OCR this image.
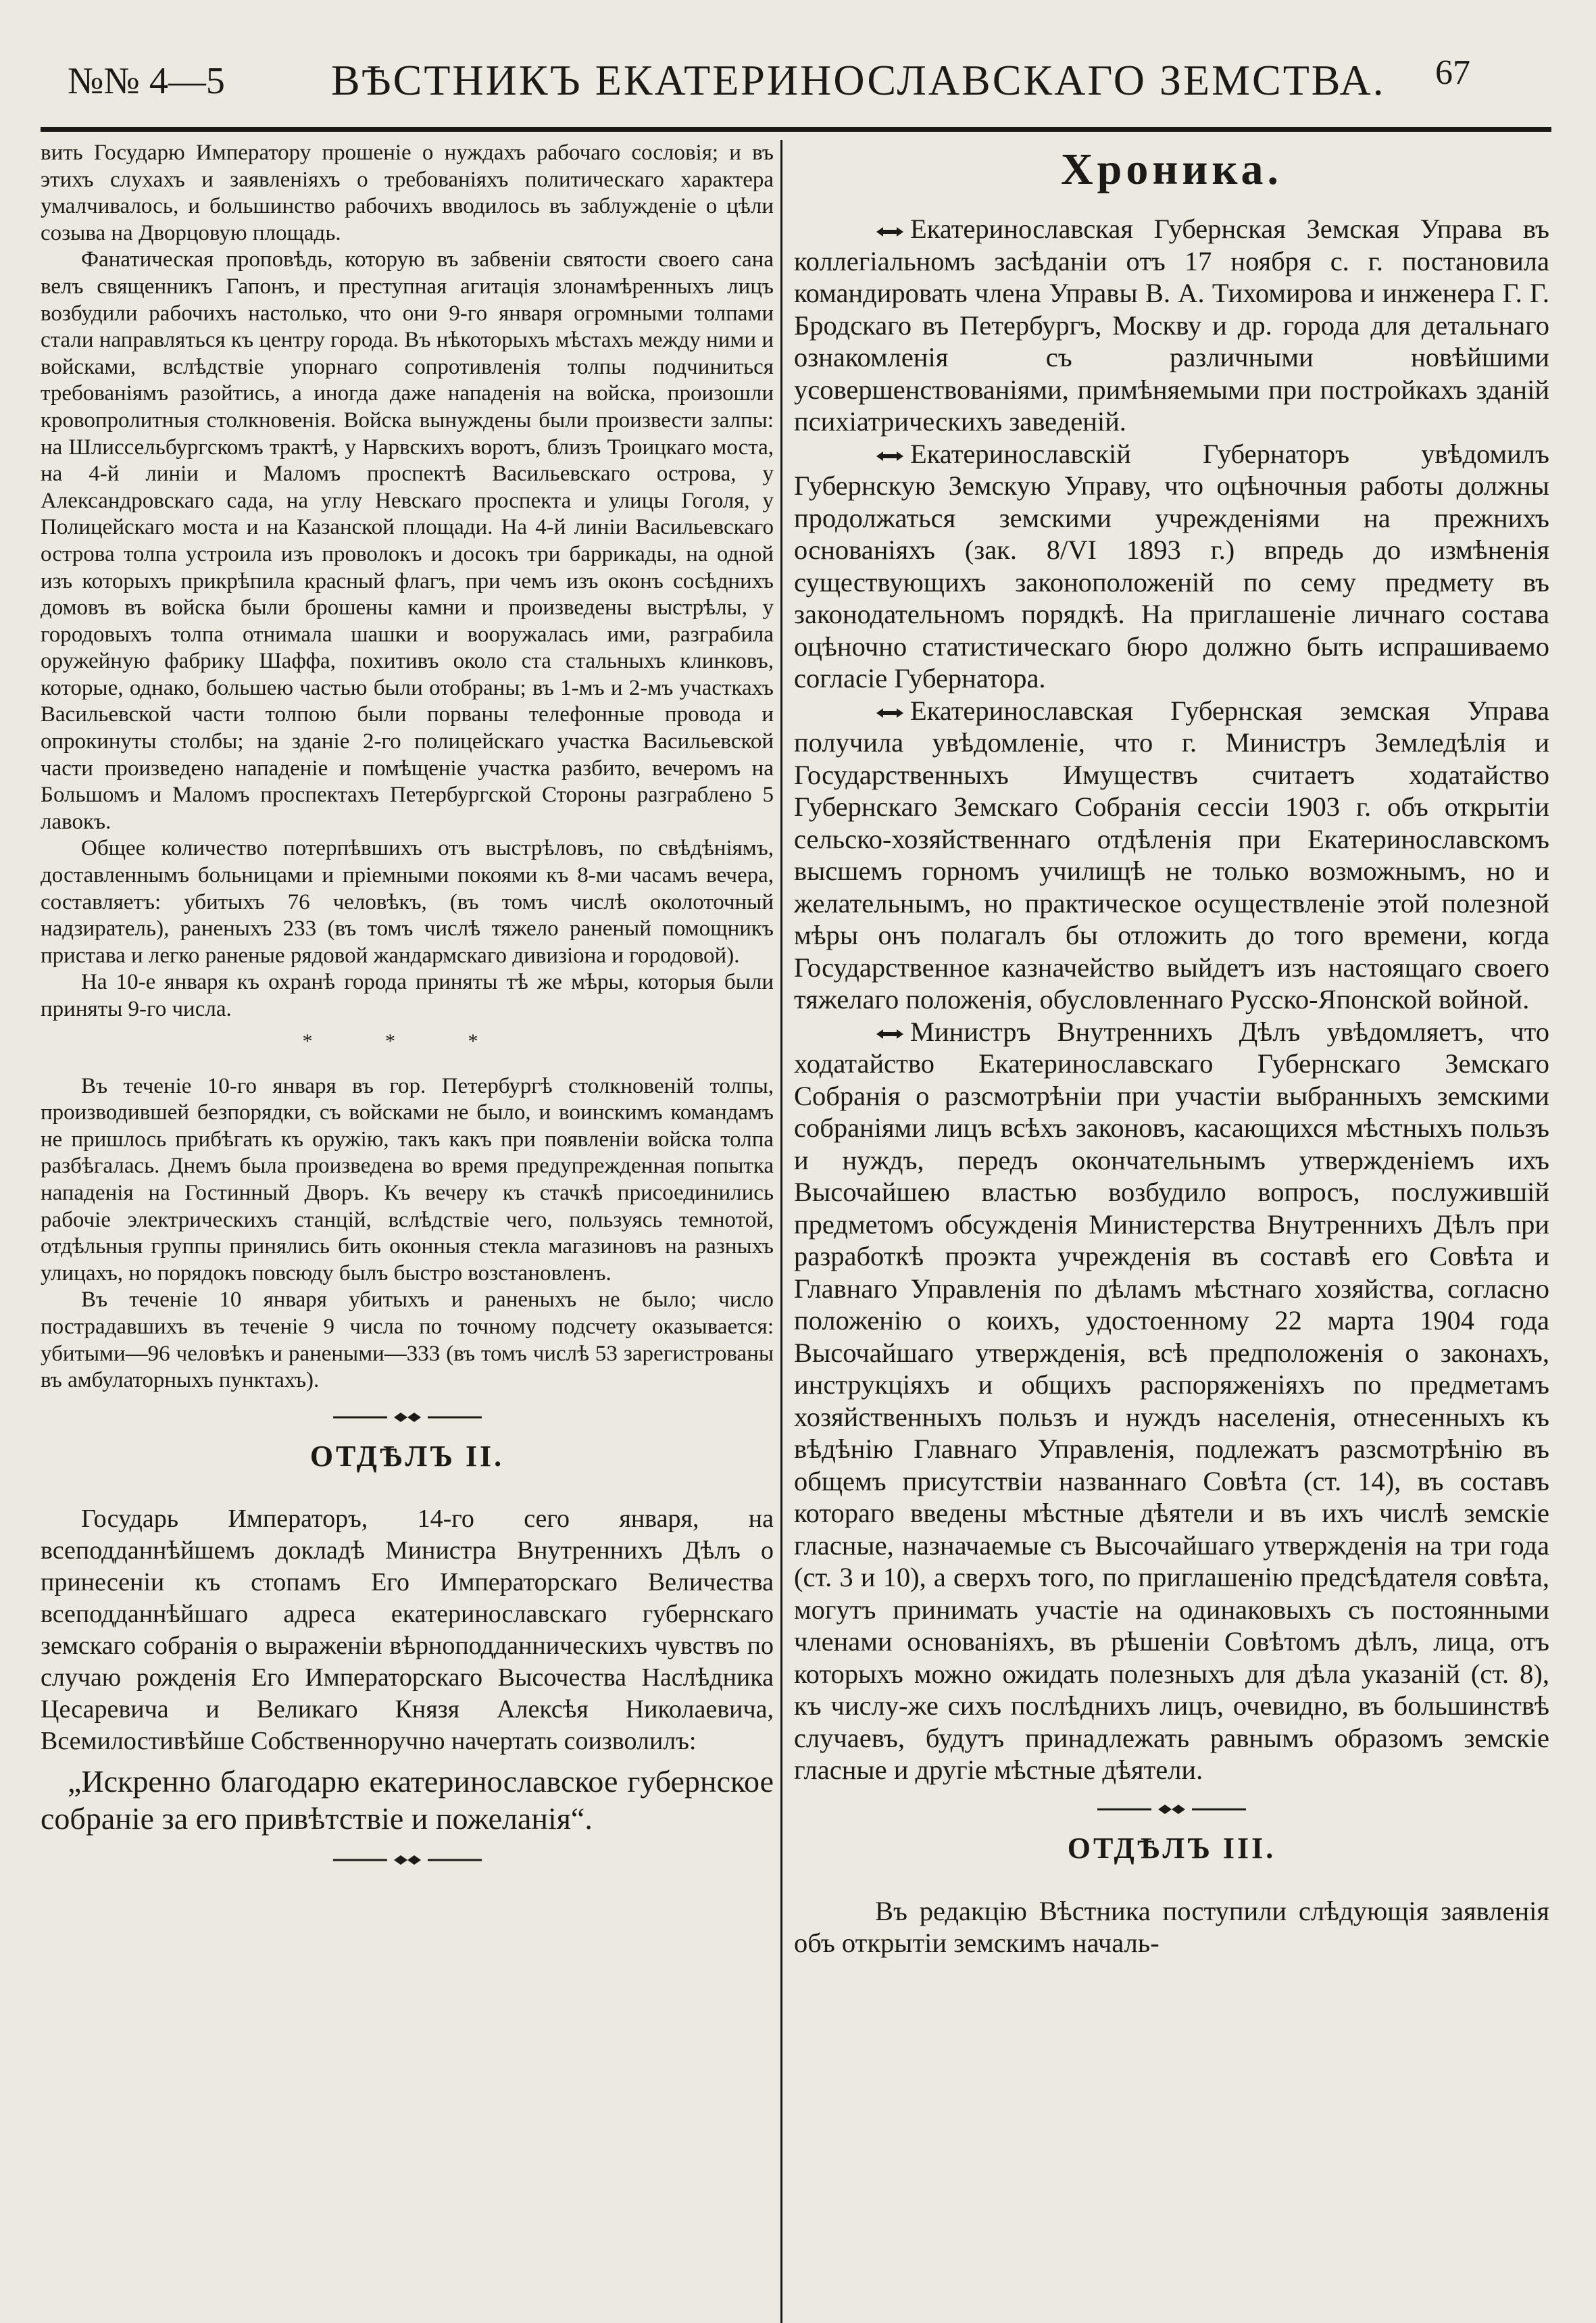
№№ 4—5 ВѢСТНИКЪ ЕКАТЕРИНОСЛАВСКАГО ЗЕМСТВА. 67

вить Государю Императору прошеніе о нуждахъ рабочаго сословія; и въ этихъ слухахъ и заявленіяхъ о требованіяхъ политическаго характера умалчивалось, и большинство рабочихъ вводилось въ заблужденіе о цѣли созыва на Дворцовую площадь.

Фанатическая проповѣдь, которую въ забвеніи святости своего сана велъ священникъ Гапонъ, и преступная агитація злонамѣренныхъ лицъ возбудили рабочихъ настолько, что они 9-го января огромными толпами стали направляться къ центру города. Въ нѣкоторыхъ мѣстахъ между ними и войсками, вслѣдствіе упорнаго сопротивленія толпы подчиниться требованіямъ разойтись, а иногда даже нападенія на войска, произошли кровопролитныя столкновенія. Войска вынуждены были произвести залпы: на Шлиссельбургскомъ трактѣ, у Нарвскихъ воротъ, близъ Троицкаго моста, на 4-й линіи и Маломъ проспектѣ Васильевскаго острова, у Александровскаго сада, на углу Невскаго проспекта и улицы Гоголя, у Полицейскаго моста и на Казанской площади. На 4-й линіи Васильевскаго острова толпа устроила изъ проволокъ и досокъ три баррикады, на одной изъ которыхъ прикрѣпила красный флагъ, при чемъ изъ оконъ сосѣднихъ домовъ въ войска были брошены камни и произведены выстрѣлы, у городовыхъ толпа отнимала шашки и вооружалась ими, разграбила оружейную фабрику Шаффа, похитивъ около ста стальныхъ клинковъ, которые, однако, большею частью были отобраны; въ 1-мъ и 2-мъ участкахъ Васильевской части толпою были порваны телефонные провода и опрокинуты столбы; на зданіе 2-го полицейскаго участка Васильевской части произведено нападеніе и помѣщеніе участка разбито, вечеромъ на Большомъ и Маломъ проспектахъ Петербургской Стороны разграблено 5 лавокъ.

Общее количество потерпѣвшихъ отъ выстрѣловъ, по свѣдѣніямъ, доставленнымъ больницами и пріемными покоями къ 8-ми часамъ вечера, составляетъ: убитыхъ 76 человѣкъ, (въ томъ числѣ околоточный надзиратель), раненыхъ 233 (въ томъ числѣ тяжело раненый помощникъ пристава и легко раненые рядовой жандармскаго дивизіона и городовой).

На 10-е января къ охранѣ города приняты тѣ же мѣры, которыя были приняты 9-го числа.

* * *

Въ теченіе 10-го января въ гор. Петербургѣ столкновеній толпы, производившей безпорядки, съ войсками не было, и воинскимъ командамъ не пришлось прибѣгать къ оружію, такъ какъ при появленіи войска толпа разбѣгалась. Днемъ была произведена во время предупрежденная попытка нападенія на Гостинный Дворъ. Къ вечеру къ стачкѣ присоединились рабочіе электрическихъ станцій, вслѣдствіе чего, пользуясь темнотой, отдѣльныя группы принялись бить оконныя стекла магазиновъ на разныхъ улицахъ, но порядокъ повсюду былъ быстро возстановленъ.

Въ теченіе 10 января убитыхъ и раненыхъ не было; число пострадавшихъ въ теченіе 9 числа по точному подсчету оказывается: убитыми—96 человѣкъ и ранеными—333 (въ томъ числѣ 53 зарегистрованы въ амбулаторныхъ пунктахъ).

ОТДѢЛЪ II.

Государь Императоръ, 14-го сего января, на всеподданнѣйшемъ докладѣ Министра Внутреннихъ Дѣлъ о принесеніи къ стопамъ Его Императорскаго Величества всеподданнѣйшаго адреса екатеринославскаго губернскаго земскаго собранія о выраженіи вѣрноподданническихъ чувствъ по случаю рожденія Его Императорскаго Высочества Наслѣдника Цесаревича и Великаго Князя Алексѣя Николаевича, Всемилостивѣйше Собственноручно начертать соизволилъ:

„Искренно благодарю екатеринославское губернское собраніе за его привѣтствіе и пожеланія“.

Хроника.

Екатеринославская Губернская Земская Управа въ коллегіальномъ засѣданіи отъ 17 ноября с. г. постановила командировать члена Управы В. А. Тихомирова и инженера Г. Г. Бродскаго въ Петербургъ, Москву и др. города для детальнаго ознакомленія съ различными новѣйшими усовершенствованіями, примѣняемыми при постройкахъ зданій психіатрическихъ заведеній.

Екатеринославскій Губернаторъ увѣдомилъ Губернскую Земскую Управу, что оцѣночныя работы должны продолжаться земскими учрежденіями на прежнихъ основаніяхъ (зак. 8/VI 1893 г.) впредь до измѣненія существующихъ законоположеній по сему предмету въ законодательномъ порядкѣ. На приглашеніе личнаго состава оцѣночно статистическаго бюро должно быть испрашиваемо согласіе Губернатора.

Екатеринославская Губернская земская Управа получила увѣдомленіе, что г. Министръ Земледѣлія и Государственныхъ Имуществъ считаетъ ходатайство Губернскаго Земскаго Собранія сессіи 1903 г. объ открытіи сельско-хозяйственнаго отдѣленія при Екатеринославскомъ высшемъ горномъ училищѣ не только возможнымъ, но и желательнымъ, но практическое осуществленіе этой полезной мѣры онъ полагалъ бы отложить до того времени, когда Государственное казначейство выйдетъ изъ настоящаго своего тяжелаго положенія, обусловленнаго Русско-Японской войной.

Министръ Внутреннихъ Дѣлъ увѣдомляетъ, что ходатайство Екатеринославскаго Губернскаго Земскаго Собранія о разсмотрѣніи при участіи выбранныхъ земскими собраніями лицъ всѣхъ законовъ, касающихся мѣстныхъ пользъ и нуждъ, передъ окончательнымъ утвержденіемъ ихъ Высочайшею властью возбудило вопросъ, послужившій предметомъ обсужденія Министерства Внутреннихъ Дѣлъ при разработкѣ проэкта учрежденія въ составѣ его Совѣта и Главнаго Управленія по дѣламъ мѣстнаго хозяйства, согласно положенію о коихъ, удостоенному 22 марта 1904 года Высочайшаго утвержденія, всѣ предположенія о законахъ, инструкціяхъ и общихъ распоряженіяхъ по предметамъ хозяйственныхъ пользъ и нуждъ населенія, отнесенныхъ къ вѣдѣнію Главнаго Управленія, подлежатъ разсмотрѣнію въ общемъ присутствіи названнаго Совѣта (ст. 14), въ составъ котораго введены мѣстные дѣятели и въ ихъ числѣ земскіе гласные, назначаемые съ Высочайшаго утвержденія на три года (ст. 3 и 10), а сверхъ того, по приглашенію предсѣдателя совѣта, могутъ принимать участіе на одинаковыхъ съ постоянными членами основаніяхъ, въ рѣшеніи Совѣтомъ дѣлъ, лица, отъ которыхъ можно ожидать полезныхъ для дѣла указаній (ст. 8), къ числу-же сихъ послѣднихъ лицъ, очевидно, въ большинствѣ случаевъ, будутъ принадлежать равнымъ образомъ земскіе гласные и другіе мѣстные дѣятели.

ОТДѢЛЪ III.

Въ редакцію Вѣстника поступили слѣдующія заявленія объ открытіи земскимъ началь-
